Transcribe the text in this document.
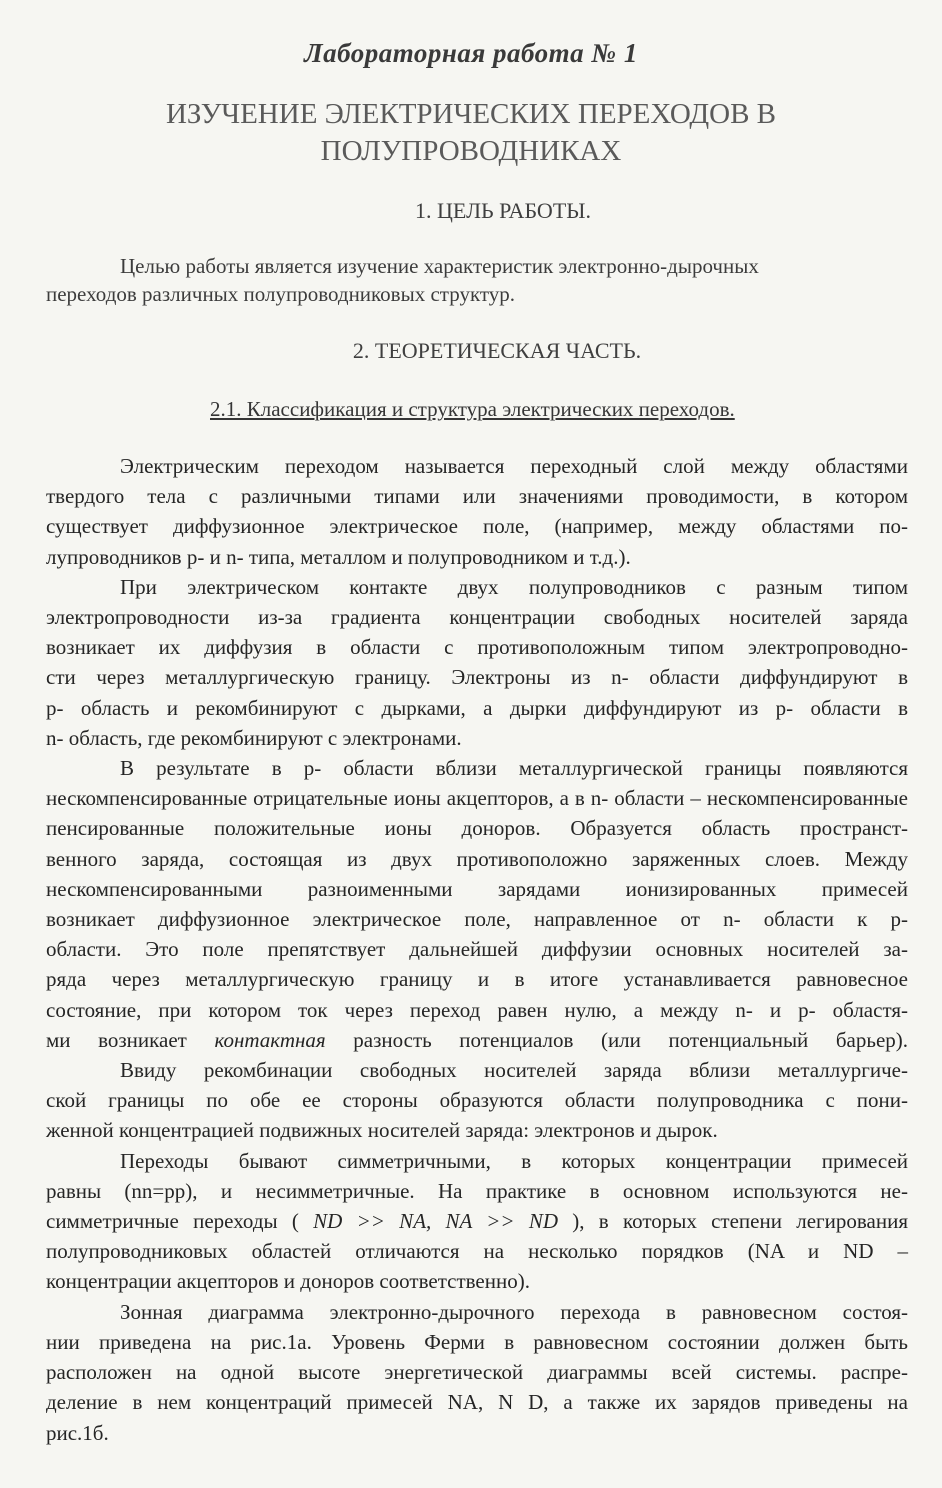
Лабораторная работа № 1
ИЗУЧЕНИЕ ЭЛЕКТРИЧЕСКИХ ПЕРЕХОДОВ В
ПОЛУПРОВОДНИКАХ
1. ЦЕЛЬ РАБОТЫ.
Целью работы является изучение характеристик электронно-дырочных
переходов различных полупроводниковых структур.
2. ТЕОРЕТИЧЕСКАЯ ЧАСТЬ.
2.1. Классификация и структура электрических переходов.
Электрическим переходом называется переходный слой между областями
твердого тела с различными типами или значениями проводимости, в котором
существует диффузионное электрическое поле, (например, между областями по-
лупроводников p- и n- типа, металлом и полупроводником и т.д.).
При электрическом контакте двух полупроводников с разным типом
электропроводности из-за градиента концентрации свободных носителей заряда
возникает их диффузия в области с противоположным типом электропроводно-
сти через металлургическую границу. Электроны из n- области диффундируют в
p- область и рекомбинируют с дырками, а дырки диффундируют из p- области в
n- область, где рекомбинируют с электронами.
В результате в p- области вблизи металлургической границы появляются
нескомпенсированные отрицательные ионы акцепторов, а в n- области – нескомпенсированные
пенсированные положительные ионы доноров. Образуется область пространст-
венного заряда, состоящая из двух противоположно заряженных слоев. Между
нескомпенсированными разноименными зарядами ионизированных примесей
возникает диффузионное электрическое поле, направленное от n- области к p-
области. Это поле препятствует дальнейшей диффузии основных носителей за-
ряда через металлургическую границу и в итоге устанавливается равновесное
состояние, при котором ток через переход равен нулю, а между n- и p- областя-
ми возникает контактная разность потенциалов (или потенциальный барьер).
Ввиду рекомбинации свободных носителей заряда вблизи металлургиче-
ской границы по обе ее стороны образуются области полупроводника с пони-
женной концентрацией подвижных носителей заряда: электронов и дырок.
Переходы бывают симметричными, в которых концентрации примесей
равны (nn=pp), и несимметричные. На практике в основном используются не-
симметричные переходы ( ND >> NA, NA >> ND ), в которых степени легирования
полупроводниковых областей отличаются на несколько порядков (NA и ND –
концентрации акцепторов и доноров соответственно).
Зонная диаграмма электронно-дырочного перехода в равновесном состоя-
нии приведена на рис.1а. Уровень Ферми в равновесном состоянии должен быть
расположен на одной высоте энергетической диаграммы всей системы. распре-
деление в нем концентраций примесей NA, N D, а также их зарядов приведены на
рис.1б.
